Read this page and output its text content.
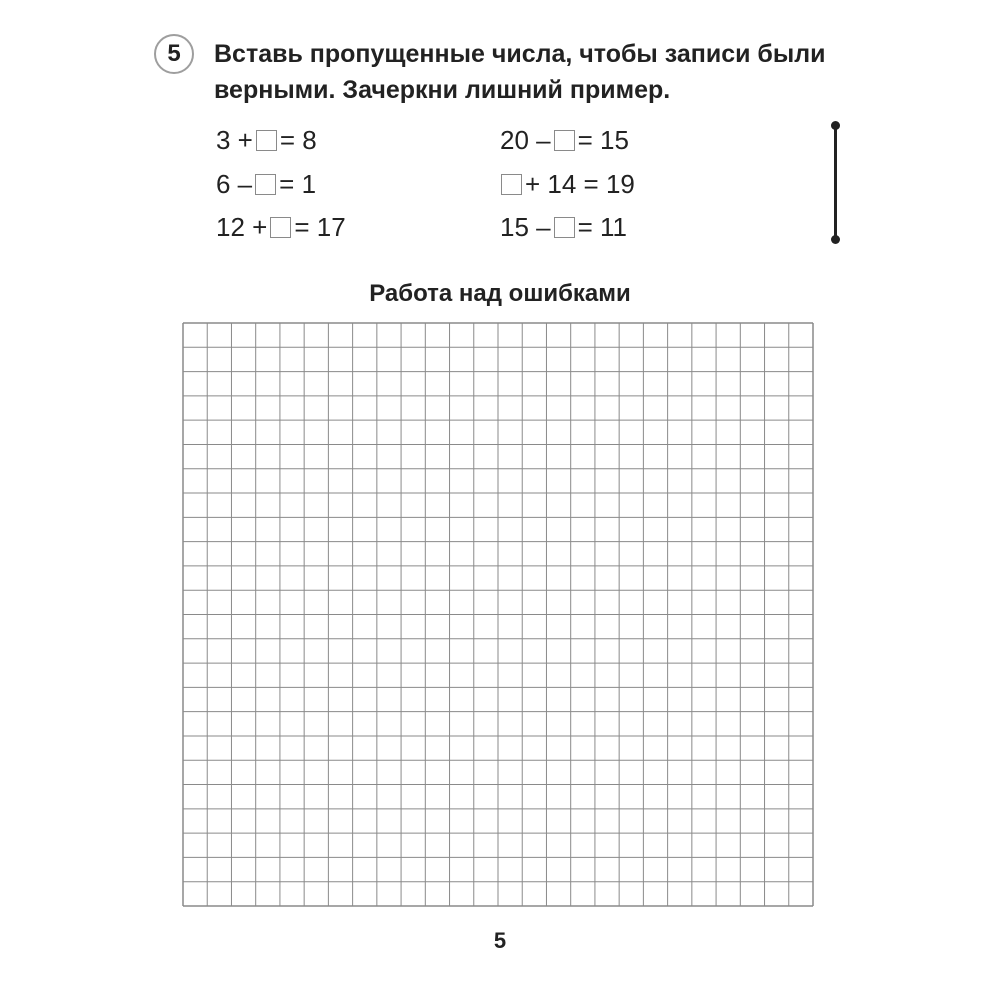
5 Вставь пропущенные числа, чтобы записи были
верными. Зачеркни лишний пример.
3 + = 8
6 – = 1
12 + = 17
20 – = 15
+ 14 = 19
15 – = 11
Работа над ошибками
5
